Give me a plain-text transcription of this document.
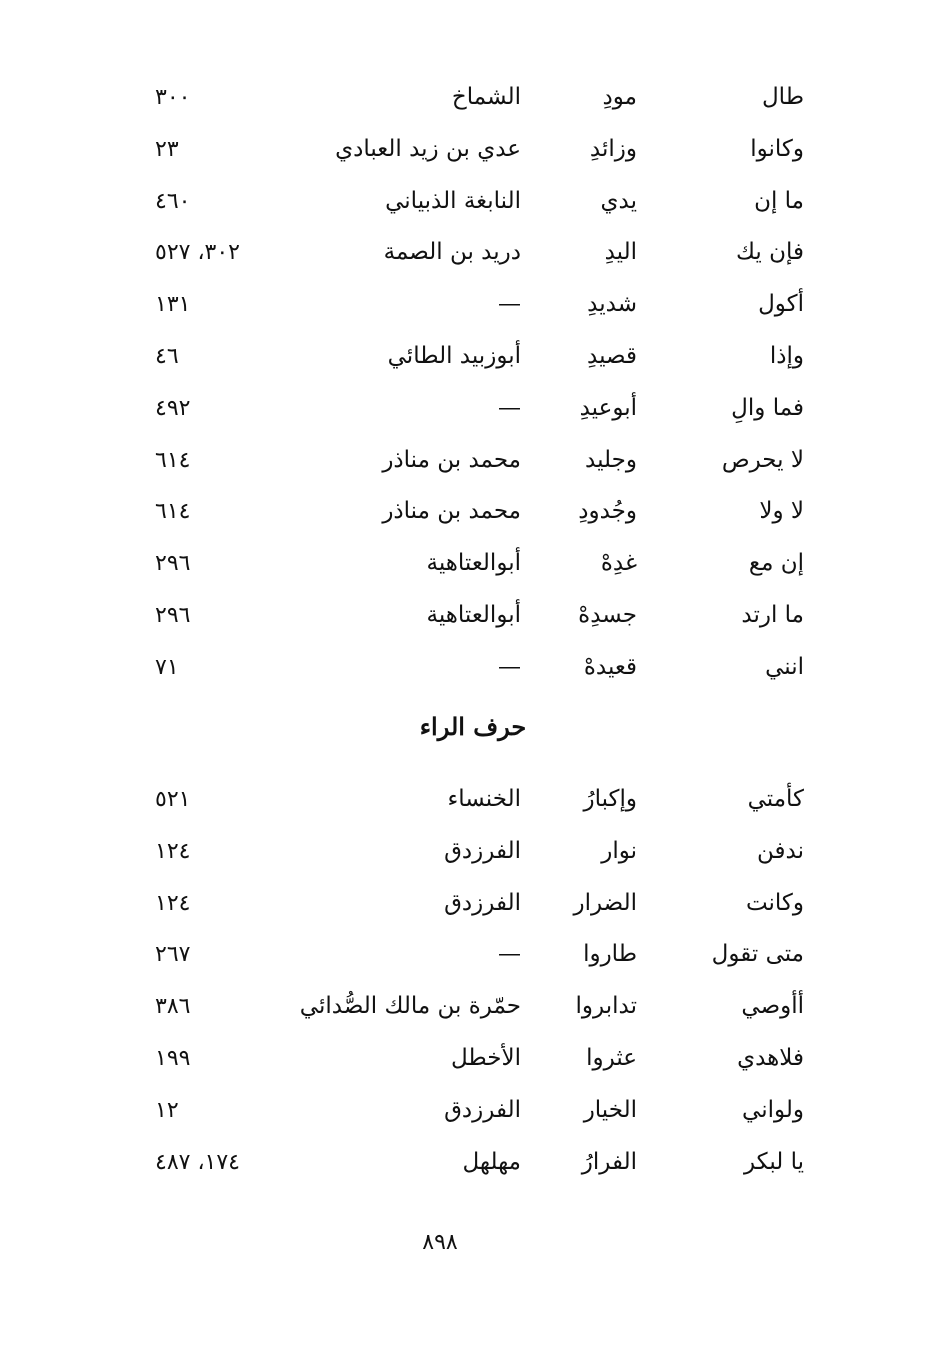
طال
مودِ
الشماخ
٣٠٠
وكانوا
وزائدِ
عدي بن زيد العبادي
٢٣
ما إن
يدي
النابغة الذبياني
٤٦٠
فإن يك
اليدِ
دريد بن الصمة
٣٠٢، ٥٢٧
أكول
شديدِ
—
١٣١
وإذا
قصيدِ
أبوزبيد الطائي
٤٦
فما والِ
أبوعيدِ
—
٤٩٢
لا يحرص
وجليد
محمد بن مناذر
٦١٤
لا ولا
وجُدودِ
محمد بن مناذر
٦١٤
إن مع
غدِهْ
أبوالعتاهية
٢٩٦
ما ارتد
جسدِهْ
أبوالعتاهية
٢٩٦
انني
قعيدهْ
—
٧١
حرف الراء
كأمتي
وإكبارُ
الخنساء
٥٢١
ندفن
نوار
الفرزدق
١٢٤
وكانت
الضرار
الفرزدق
١٢٤
متى تقول
طاروا
—
٢٦٧
أأوصي
تدابروا
حمّرة بن مالك الصُّدائي
٣٨٦
فلاهدي
عثروا
الأخطل
١٩٩
ولواني
الخيار
الفرزدق
١٢
يا لبكر
الفرارُ
مهلهل
١٧٤، ٤٨٧
٨٩٨
